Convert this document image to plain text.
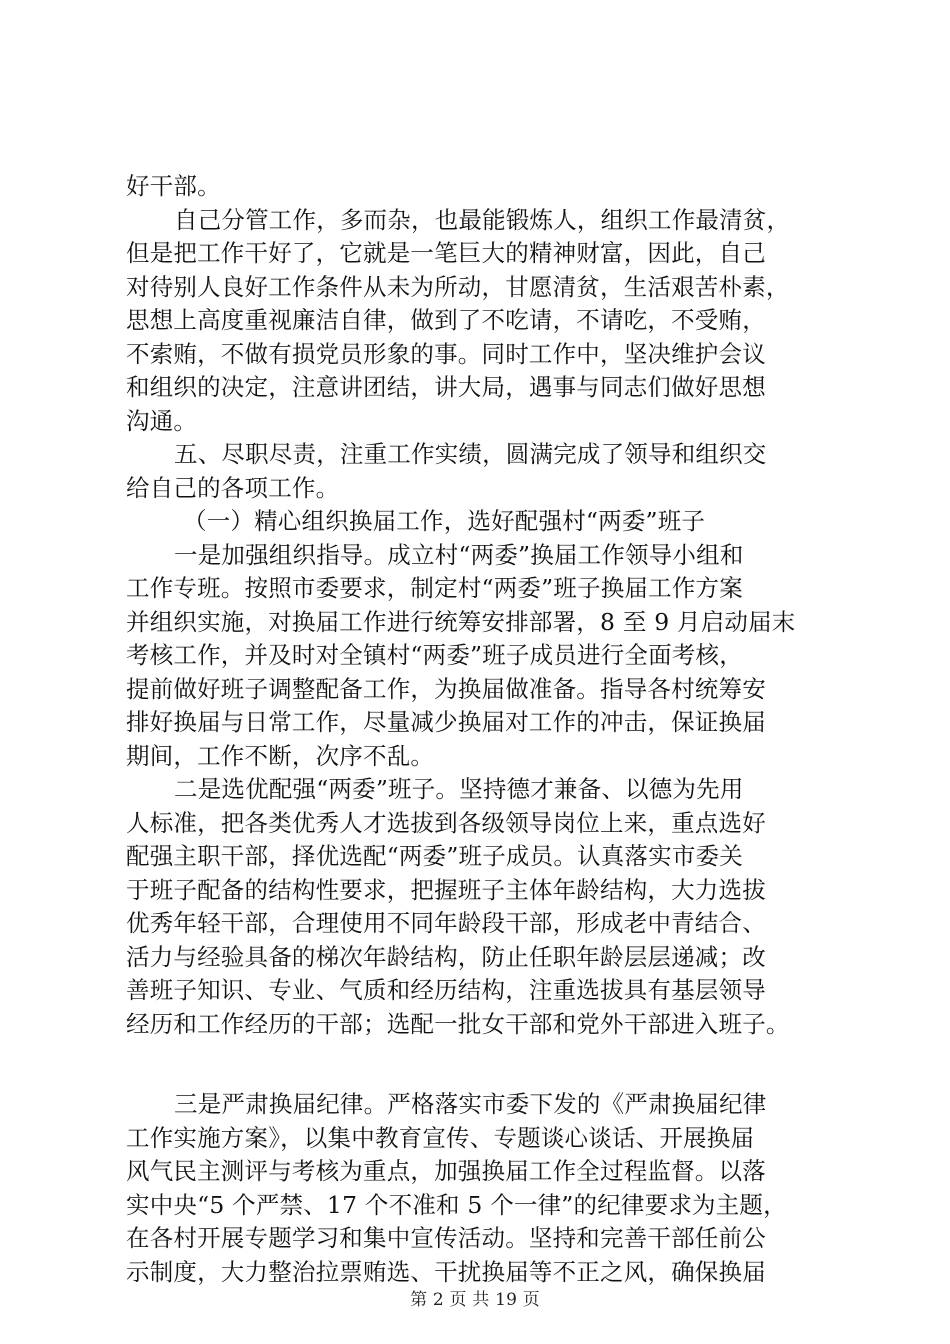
好干部。
自己分管工作，多而杂，也最能锻炼人，组织工作最清贫，
但是把工作干好了，它就是一笔巨大的精神财富，因此，自己
对待别人良好工作条件从未为所动，甘愿清贫，生活艰苦朴素，
思想上高度重视廉洁自律，做到了不吃请，不请吃，不受贿，
不索贿，不做有损党员形象的事。同时工作中，坚决维护会议
和组织的决定，注意讲团结，讲大局，遇事与同志们做好思想
沟通。
五、尽职尽责，注重工作实绩，圆满完成了领导和组织交
给自己的各项工作。
（一）精心组织换届工作，选好配强村“两委”班子
一是加强组织指导。成立村“两委”换届工作领导小组和
工作专班。按照市委要求，制定村“两委”班子换届工作方案
并组织实施，对换届工作进行统筹安排部署，8 至 9 月启动届末
考核工作，并及时对全镇村“两委”班子成员进行全面考核，
提前做好班子调整配备工作，为换届做准备。指导各村统筹安
排好换届与日常工作，尽量减少换届对工作的冲击，保证换届
期间，工作不断，次序不乱。
二是选优配强“两委”班子。坚持德才兼备、以德为先用
人标准，把各类优秀人才选拔到各级领导岗位上来，重点选好
配强主职干部，择优选配“两委”班子成员。认真落实市委关
于班子配备的结构性要求，把握班子主体年龄结构，大力选拔
优秀年轻干部，合理使用不同年龄段干部，形成老中青结合、
活力与经验具备的梯次年龄结构，防止任职年龄层层递减；改
善班子知识、专业、气质和经历结构，注重选拔具有基层领导
经历和工作经历的干部；选配一批女干部和党外干部进入班子。
三是严肃换届纪律。严格落实市委下发的《严肃换届纪律
工作实施方案》，以集中教育宣传、专题谈心谈话、开展换届
风气民主测评与考核为重点，加强换届工作全过程监督。以落
实中央“5 个严禁、17 个不准和 5 个一律”的纪律要求为主题，
在各村开展专题学习和集中宣传活动。坚持和完善干部任前公
示制度，大力整治拉票贿选、干扰换届等不正之风，确保换届
第 2 页 共 19 页
